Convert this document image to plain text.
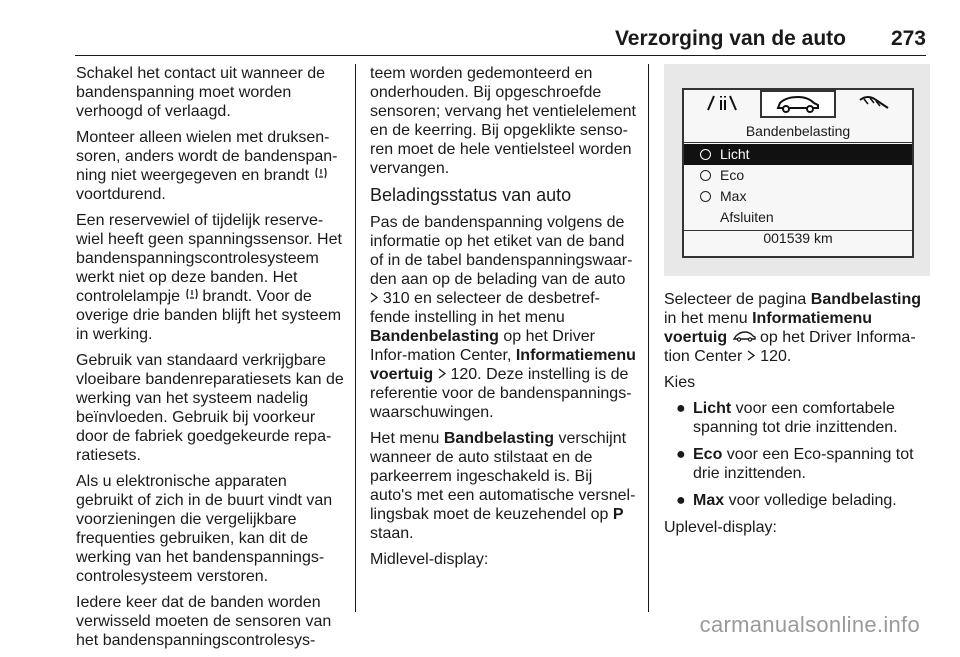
Verzorging van de auto 273

Schakel het contact uit wanneer de bandenspanning moet worden verhoogd of verlaagd.

Monteer alleen wielen met druksen-soren, anders wordt de bandenspan-ning niet weergegeven en brandt  voortdurend.

Een reservewiel of tijdelijk reserve-wiel heeft geen spanningssensor. Het bandenspanningscontrolesysteem werkt niet op deze banden. Het controlelampje  brandt. Voor de overige drie banden blijft het systeem in werking.

Gebruik van standaard verkrijgbare vloeibare bandenreparatiesets kan de werking van het systeem nadelig beïnvloeden. Gebruik bij voorkeur door de fabriek goedgekeurde repa-ratiesets.

Als u elektronische apparaten gebruikt of zich in de buurt vindt van voorzieningen die vergelijkbare frequenties gebruiken, kan dit de werking van het bandenspannings-controlesysteem verstoren.

Iedere keer dat de banden worden verwisseld moeten de sensoren van het bandenspanningscontrolesys-

teem worden gedemonteerd en onderhouden. Bij opgeschroefde sensoren; vervang het ventielelement en de keerring. Bij opgeklikte senso-ren moet de hele ventielsteel worden vervangen.

Beladingsstatus van auto

Pas de bandenspanning volgens de informatie op het etiket van de band of in de tabel bandenspanningswaar-den aan op de belading van de auto  310 en selecteer de desbetref-fende instelling in het menu Bandenbelasting op het Driver Infor-mation Center, Informatiemenu voertuig 120. Deze instelling is de referentie voor de bandenspannings-waarschuwingen.

Het menu Bandbelasting verschijnt wanneer de auto stilstaat en de parkeerrem ingeschakeld is. Bij auto's met een automatische versnel-lingsbak moet de keuzehendel op P staan.

Midlevel-display:

Bandenbelasting
Licht
Eco
Max
Afsluiten
001539 km

Selecteer de pagina Bandbelasting in het menu Informatiemenu voertuig  op het Driver Informa-tion Center  120.

Kies

● Licht voor een comfortabele spanning tot drie inzittenden.
● Eco voor een Eco-spanning tot drie inzittenden.
● Max voor volledige belading.

Uplevel-display:

carmanualsonline.info
